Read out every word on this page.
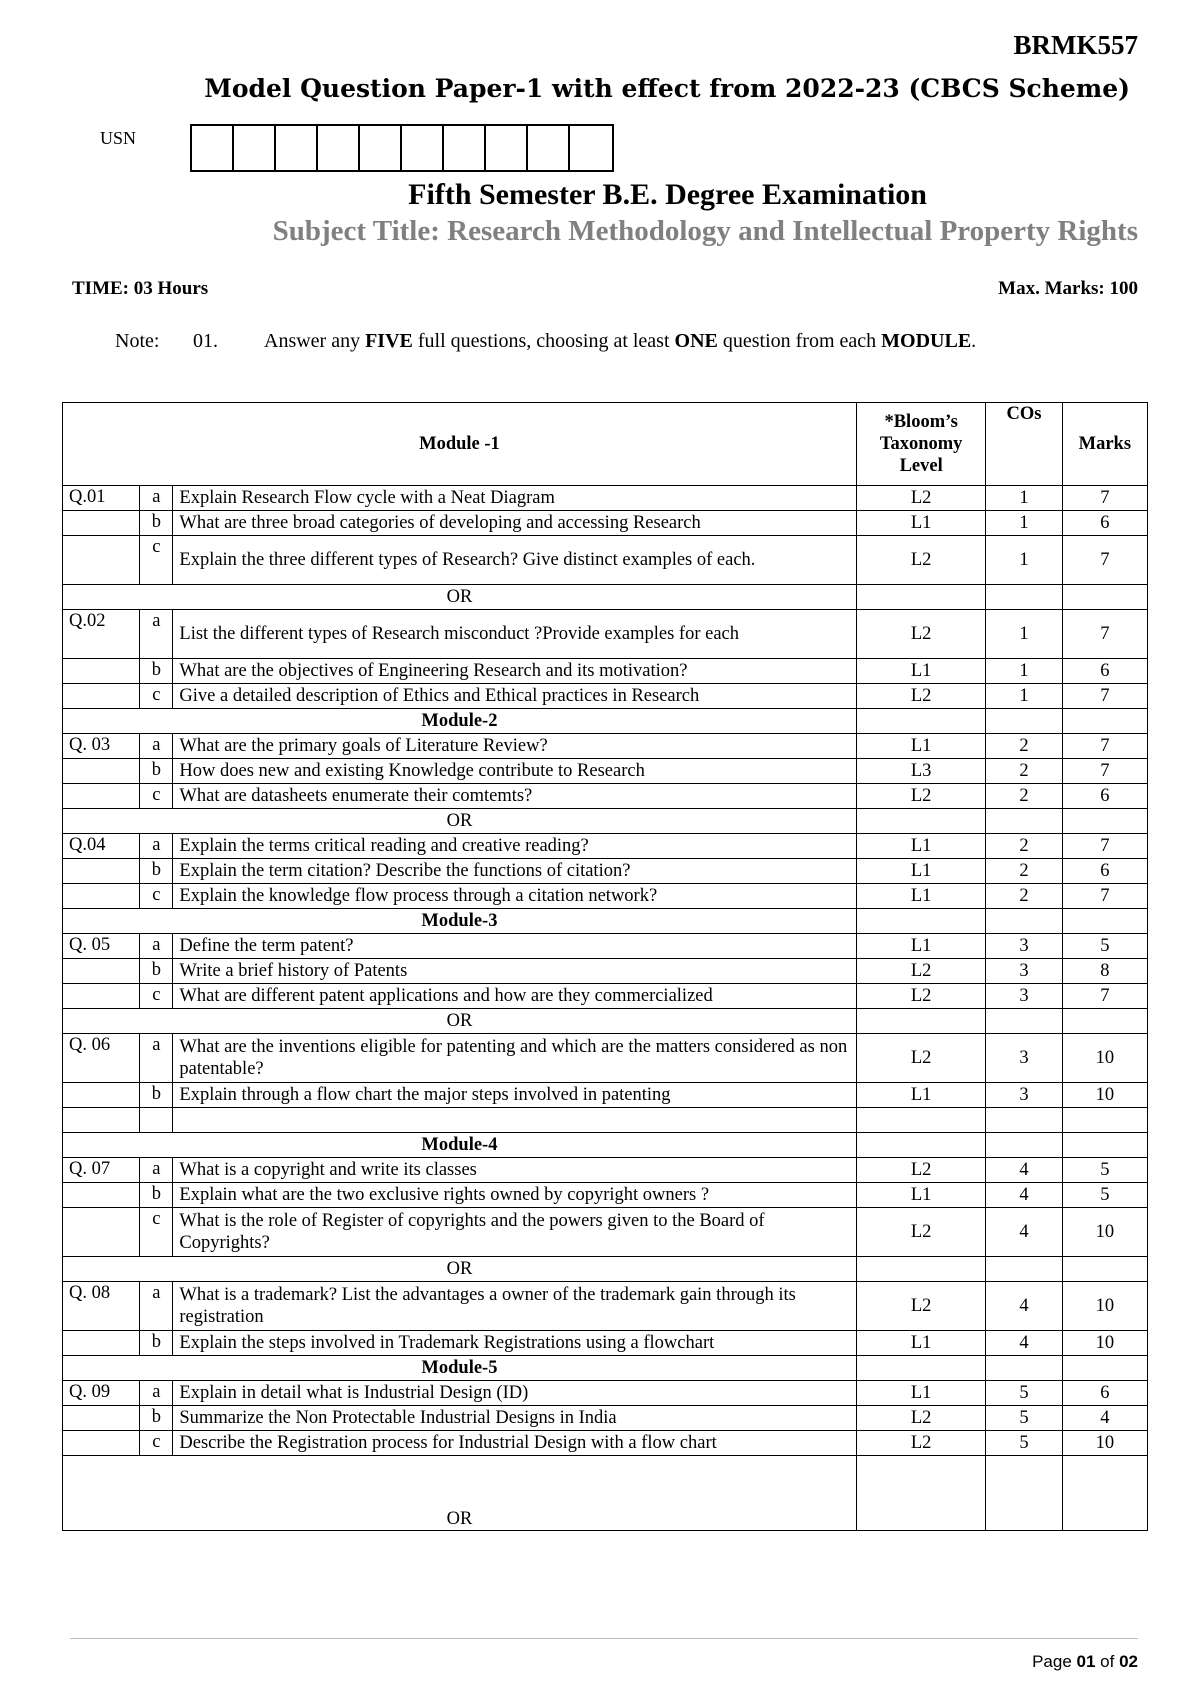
BRMK557
Model Question Paper-1 with effect from 2022-23 (CBCS Scheme)
USN
Fifth Semester B.E. Degree Examination
Subject Title: Research Methodology and Intellectual Property Rights
TIME: 03 Hours	Max. Marks: 100
Note: 01. Answer any FIVE full questions, choosing at least ONE question from each MODULE.
Module -1			*Bloom’s Taxonomy Level	COs	Marks
Q.01	a	Explain Research Flow cycle with a Neat Diagram	L2	1	7
	b	What are three broad categories of developing and accessing Research	L1	1	6
	c	Explain the three different types of Research? Give distinct examples of each.	L2	1	7
OR					
Q.02	a	List the different types of Research misconduct ?Provide examples for each	L2	1	7
	b	What are the objectives of Engineering Research and its motivation?	L1	1	6
	c	Give a detailed description of Ethics and Ethical practices in Research	L2	1	7
Module-2					
Q. 03	a	What are the primary goals of Literature Review?	L1	2	7
	b	How does new and existing Knowledge contribute to Research	L3	2	7
	c	What are datasheets enumerate their comtemts?	L2	2	6
OR					
Q.04	a	Explain the terms critical reading and creative reading?	L1	2	7
	b	Explain the term citation? Describe the functions of citation?	L1	2	6
	c	Explain the knowledge flow process through a citation network?	L1	2	7
Module-3					
Q. 05	a	Define the term patent?	L1	3	5
	b	Write a brief history of Patents	L2	3	8
	c	What are different patent applications and how are they commercialized	L2	3	7
OR					
Q. 06	a	What are the inventions eligible for patenting and which are the matters considered as non patentable?	L2	3	10
	b	Explain through a flow chart the major steps involved in patenting	L1	3	10

Module-4					
Q. 07	a	What is a copyright and write its classes	L2	4	5
	b	Explain what are the two exclusive rights owned by copyright owners ?	L1	4	5
	c	What is the role of Register of copyrights and the powers given to the Board of Copyrights?	L2	4	10
OR					
Q. 08	a	What is a trademark? List the advantages a owner of the trademark gain through its registration	L2	4	10
	b	Explain the steps involved in Trademark Registrations using a flowchart	L1	4	10
Module-5					
Q. 09	a	Explain in detail what is Industrial Design (ID)	L1	5	6
	b	Summarize the Non Protectable Industrial Designs in India	L2	5	4
	c	Describe the Registration process for Industrial Design with a flow chart	L2	5	10
OR					
Page 01 of 02
